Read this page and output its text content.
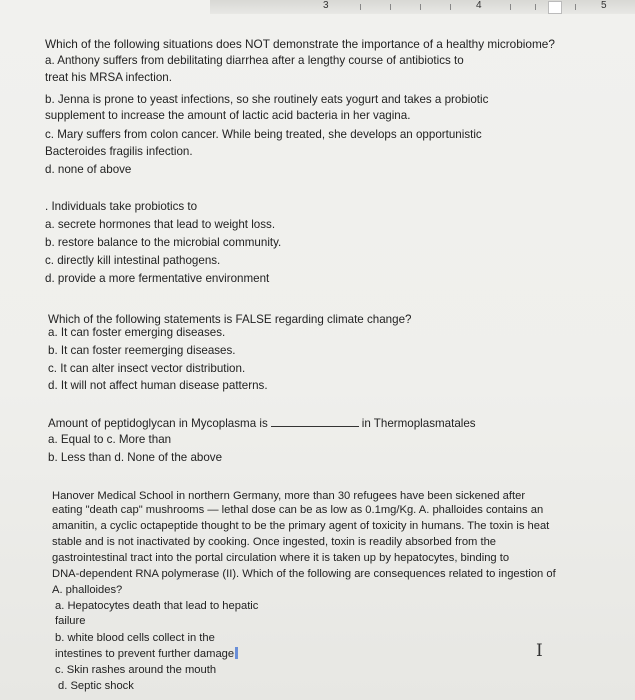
3	4	5
Which of the following situations does NOT demonstrate the importance of a healthy microbiome?
a. Anthony suffers from debilitating diarrhea after a lengthy course of antibiotics to
treat his MRSA infection.
b. Jenna is prone to yeast infections, so she routinely eats yogurt and takes a probiotic
supplement to increase the amount of lactic acid bacteria in her vagina.
c. Mary suffers from colon cancer. While being treated, she develops an opportunistic
Bacteroides fragilis infection.
d. none of above
. Individuals take probiotics to
a. secrete hormones that lead to weight loss.
b. restore balance to the microbial community.
c. directly kill intestinal pathogens.
d. provide a more fermentative environment
Which of the following statements is FALSE regarding climate change?
a. It can foster emerging diseases.
b. It can foster reemerging diseases.
c. It can alter insect vector distribution.
d. It will not affect human disease patterns.
Amount of peptidoglycan in Mycoplasma is	in Thermoplasmatales
a. Equal to c. More than
b. Less than d. None of the above
Hanover Medical School in northern Germany, more than 30 refugees have been sickened after
eating "death cap" mushrooms — lethal dose can be as low as 0.1mg/Kg. A. phalloides contains an
amanitin, a cyclic octapeptide thought to be the primary agent of toxicity in humans. The toxin is heat
stable and is not inactivated by cooking. Once ingested, toxin is readily absorbed from the
gastrointestinal tract into the portal circulation where it is taken up by hepatocytes, binding to
DNA-dependent RNA polymerase (II). Which of the following are consequences related to ingestion of
A. phalloides?
a. Hepatocytes death that lead to hepatic
failure
b. white blood cells collect in the
intestines to prevent further damage
c. Skin rashes around the mouth
d. Septic shock
I
